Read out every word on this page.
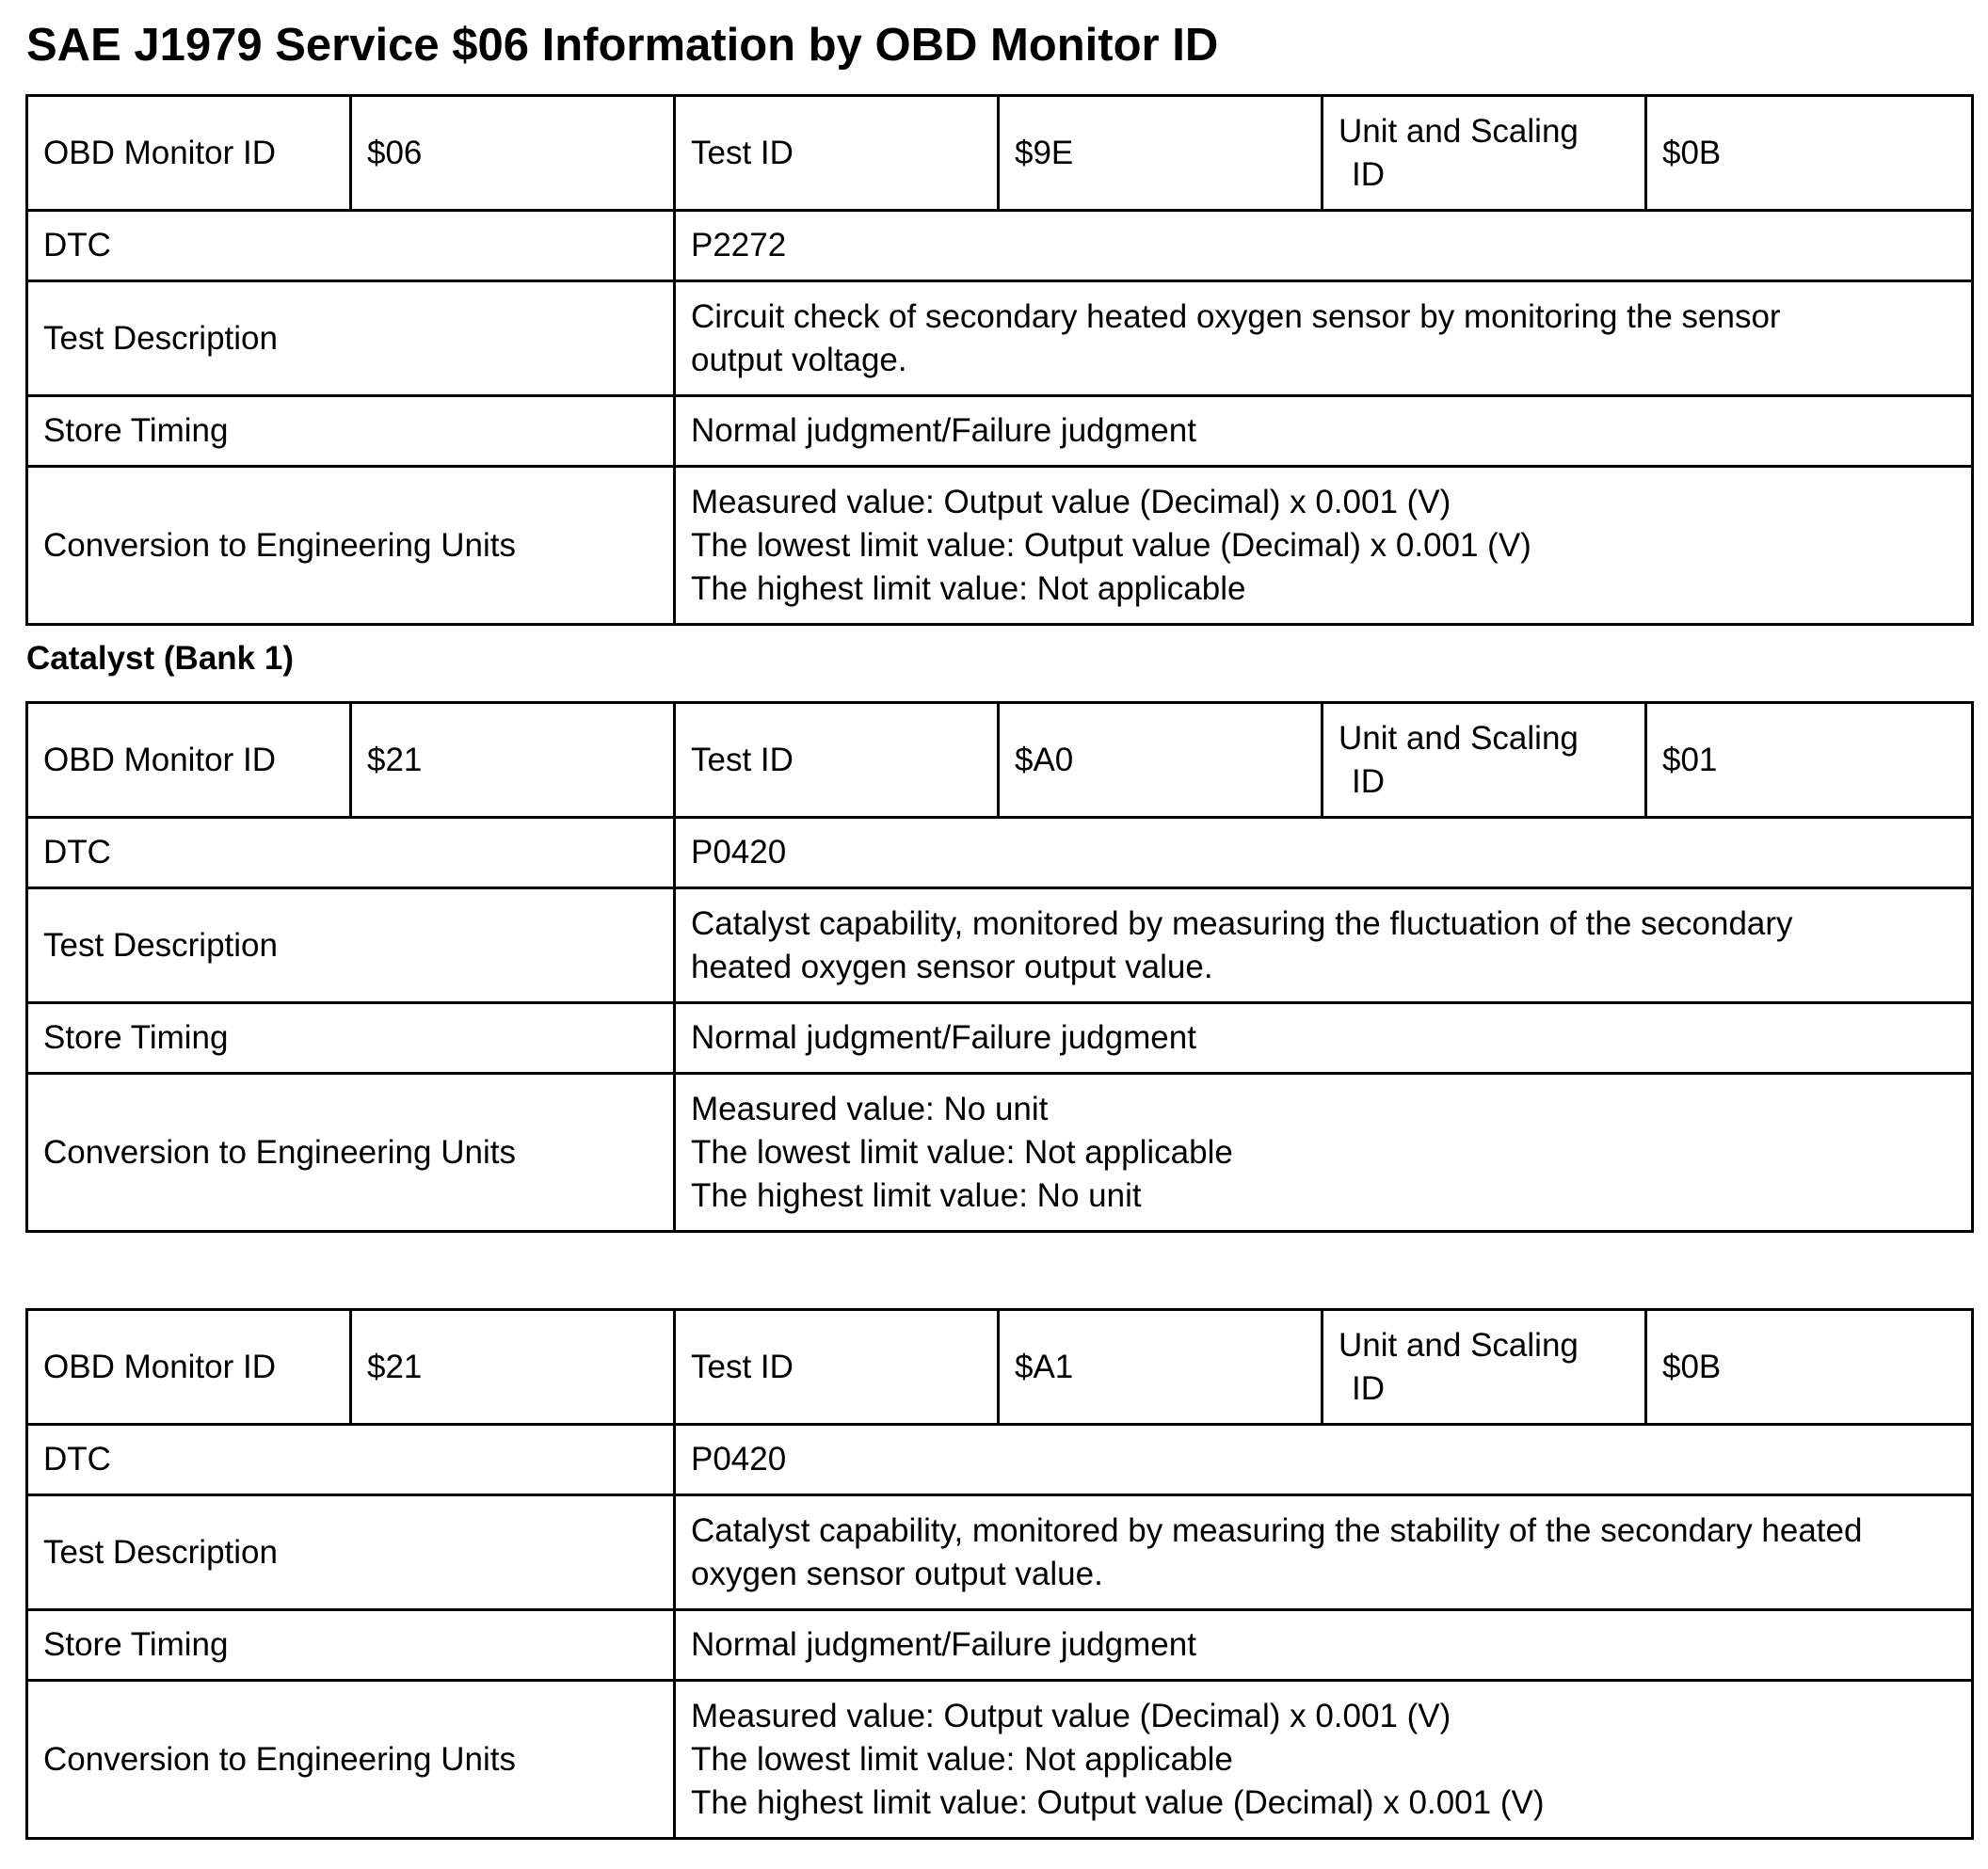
SAE J1979 Service $06 Information by OBD Monitor ID
OBD Monitor ID	$06	Test ID	$9E	Unit and Scaling
ID	$0B
DTC		P2272			
Test Description		Circuit check of secondary heated oxygen sensor by monitoring the sensor
output voltage.			

Store Timing		Normal judgment/Failure judgment			
Conversion to Engineering Units		Measured value: Output value (Decimal) x 0.001 (V)
The lowest limit value: Output value (Decimal) x 0.001 (V)
The highest limit value: Not applicable			
Catalyst (Bank 1)
OBD Monitor ID	$21	Test ID	$A0	Unit and Scaling
ID	$01
DTC		P0420			
Test Description		Catalyst capability, monitored by measuring the fluctuation of the secondary
heated oxygen sensor output value.			

Store Timing		Normal judgment/Failure judgment			
Conversion to Engineering Units		Measured value: No unit
The lowest limit value: Not applicable
The highest limit value: No unit			
OBD Monitor ID	$21	Test ID	$A1	Unit and Scaling
ID	$0B
DTC		P0420			
Test Description		Catalyst capability, monitored by measuring the stability of the secondary heated
oxygen sensor output value.			

Store Timing		Normal judgment/Failure judgment			
Conversion to Engineering Units		Measured value: Output value (Decimal) x 0.001 (V)
The lowest limit value: Not applicable
The highest limit value: Output value (Decimal) x 0.001 (V)			
